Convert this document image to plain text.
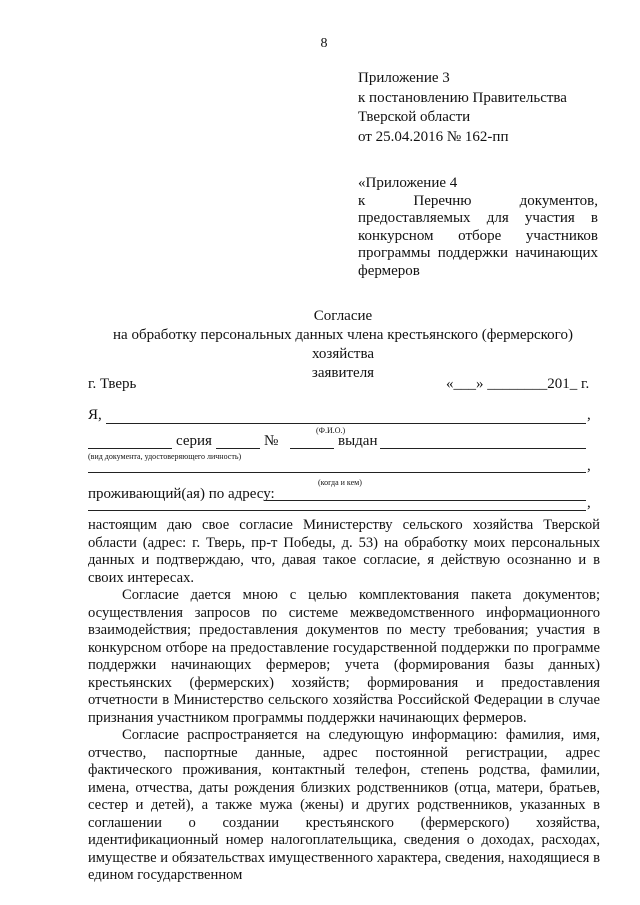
8
Приложение 3
к постановлению Правительства
Тверской области
от 25.04.2016 № 162-пп
«Приложение 4
к Перечню документов,
предоставляемых для участия в
конкурсном отборе участников
программы поддержки начинающих
фермеров
Согласие
на обработку персональных данных члена крестьянского (фермерского) хозяйства
заявителя
г. Тверь	«___» ________201_ г.
Я,	,
(Ф.И.О.)
серия	№	выдан
(вид документа, удостоверяющего личность)
,
(когда и кем)
проживающий(ая) по адресу:
,

настоящим даю свое согласие Министерству сельского хозяйства Тверской области (адрес: г. Тверь, пр-т Победы, д. 53) на обработку моих персональных данных и подтверждаю, что, давая такое согласие, я действую осознанно и в своих интересах.

Согласие дается мною с целью комплектования пакета документов; осуществления запросов по системе межведомственного информационного взаимодействия; предоставления документов по месту требования; участия в конкурсном отборе на предоставление государственной поддержки по программе поддержки начинающих фермеров; учета (формирования базы данных) крестьянских (фермерских) хозяйств; формирования и предоставления отчетности в Министерство сельского хозяйства Российской Федерации в случае признания участником программы поддержки начинающих фермеров.

Согласие распространяется на следующую информацию: фамилия, имя, отчество, паспортные данные, адрес постоянной регистрации, адрес фактического проживания, контактный телефон, степень родства, фамилии, имена, отчества, даты рождения близких родственников (отца, матери, братьев, сестер и детей), а также мужа (жены) и других родственников, указанных в соглашении о создании крестьянского (фермерского) хозяйства, идентификационный номер налогоплательщика, сведения о доходах, расходах, имуществе и обязательствах имущественного характера, сведения, находящиеся в едином государственном
